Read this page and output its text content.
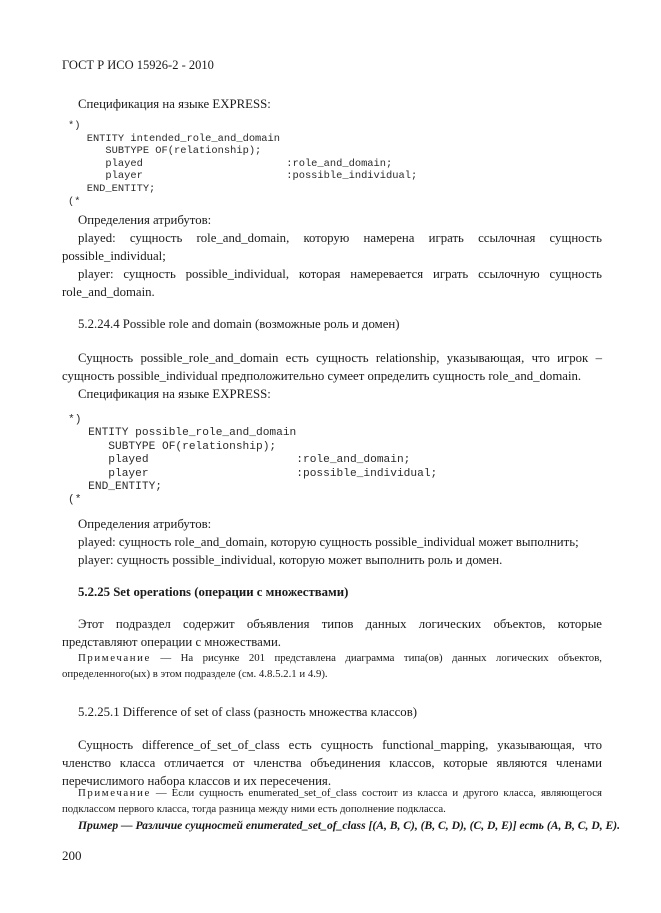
ГОСТ Р ИСО 15926-2 - 2010
Спецификация на языке EXPRESS:
*)
ENTITY intended_role_and_domain
SUBTYPE OF(relationship);
played                       :role_and_domain;
player                       :possible_individual;
END_ENTITY;
(*
Определения атрибутов:
played: сущность role_and_domain, которую намерена играть ссылочная сущность possible_individual;
player: сущность possible_individual, которая намеревается играть ссылочную сущность role_and_domain.
5.2.24.4 Possible role and domain (возможные роль и домен)
Сущность possible_role_and_domain есть сущность relationship, указывающая, что игрок – сущность possible_individual предположительно сумеет определить сущность role_and_domain.
Спецификация на языке EXPRESS:
*)
ENTITY possible_role_and_domain
SUBTYPE OF(relationship);
played                      :role_and_domain;
player                      :possible_individual;
END_ENTITY;
(*
Определения атрибутов:
played: сущность role_and_domain, которую сущность possible_individual может выполнить;
player: сущность possible_individual, которую может выполнить роль и домен.
5.2.25 Set operations (операции с множествами)
Этот подраздел содержит объявления типов данных логических объектов, которые представляют операции с множествами.
Примечание — На рисунке 201 представлена диаграмма типа(ов) данных логических объектов, определенного(ых) в этом подразделе (см. 4.8.5.2.1 и 4.9).
5.2.25.1 Difference of set of class (разность множества классов)
Сущность difference_of_set_of_class есть сущность functional_mapping, указывающая, что членство класса отличается от членства объединения классов, которые являются членами перечислимого набора классов и их пересечения.
Примечание — Если сущность enumerated_set_of_class состоит из класса и другого класса, являющегося подклассом первого класса, тогда разница между ними есть дополнение подкласса.
Пример — Различие сущностей enumerated_set_of_class [(A, B, C), (B, C, D), (C, D, E)] есть (A, B, C, D, E).
200
